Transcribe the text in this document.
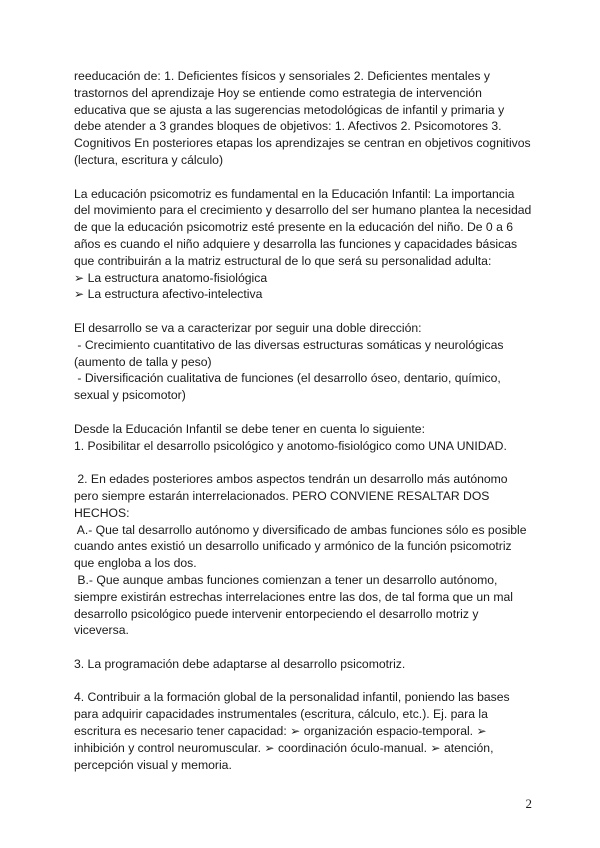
reeducación de: 1. Deficientes físicos y sensoriales 2. Deficientes mentales y
trastornos del aprendizaje Hoy se entiende como estrategia de intervención
educativa que se ajusta a las sugerencias metodológicas de infantil y primaria y
debe atender a 3 grandes bloques de objetivos: 1. Afectivos 2. Psicomotores 3.
Cognitivos En posteriores etapas los aprendizajes se centran en objetivos cognitivos
(lectura, escritura y cálculo)
La educación psicomotriz es fundamental en la Educación Infantil: La importancia
del movimiento para el crecimiento y desarrollo del ser humano plantea la necesidad
de que la educación psicomotriz esté presente en la educación del niño. De 0 a 6
años es cuando el niño adquiere y desarrolla las funciones y capacidades básicas
que contribuirán a la matriz estructural de lo que será su personalidad adulta:
➢ La estructura anatomo-fisiológica
➢ La estructura afectivo-intelectiva
El desarrollo se va a caracterizar por seguir una doble dirección:
- Crecimiento cuantitativo de las diversas estructuras somáticas y neurológicas
(aumento de talla y peso)
- Diversificación cualitativa de funciones (el desarrollo óseo, dentario, químico,
sexual y psicomotor)
Desde la Educación Infantil se debe tener en cuenta lo siguiente:
1. Posibilitar el desarrollo psicológico y anotomo-fisiológico como UNA UNIDAD.
2. En edades posteriores ambos aspectos tendrán un desarrollo más autónomo
pero siempre estarán interrelacionados. PERO CONVIENE RESALTAR DOS
HECHOS:
A.- Que tal desarrollo autónomo y diversificado de ambas funciones sólo es posible
cuando antes existió un desarrollo unificado y armónico de la función psicomotriz
que engloba a los dos.
B.- Que aunque ambas funciones comienzan a tener un desarrollo autónomo,
siempre existirán estrechas interrelaciones entre las dos, de tal forma que un mal
desarrollo psicológico puede intervenir entorpeciendo el desarrollo motriz y
viceversa.
3. La programación debe adaptarse al desarrollo psicomotriz.
4. Contribuir a la formación global de la personalidad infantil, poniendo las bases
para adquirir capacidades instrumentales (escritura, cálculo, etc.). Ej. para la
escritura es necesario tener capacidad: ➢ organización espacio-temporal. ➢
inhibición y control neuromuscular. ➢ coordinación óculo-manual. ➢ atención,
percepción visual y memoria.
2
